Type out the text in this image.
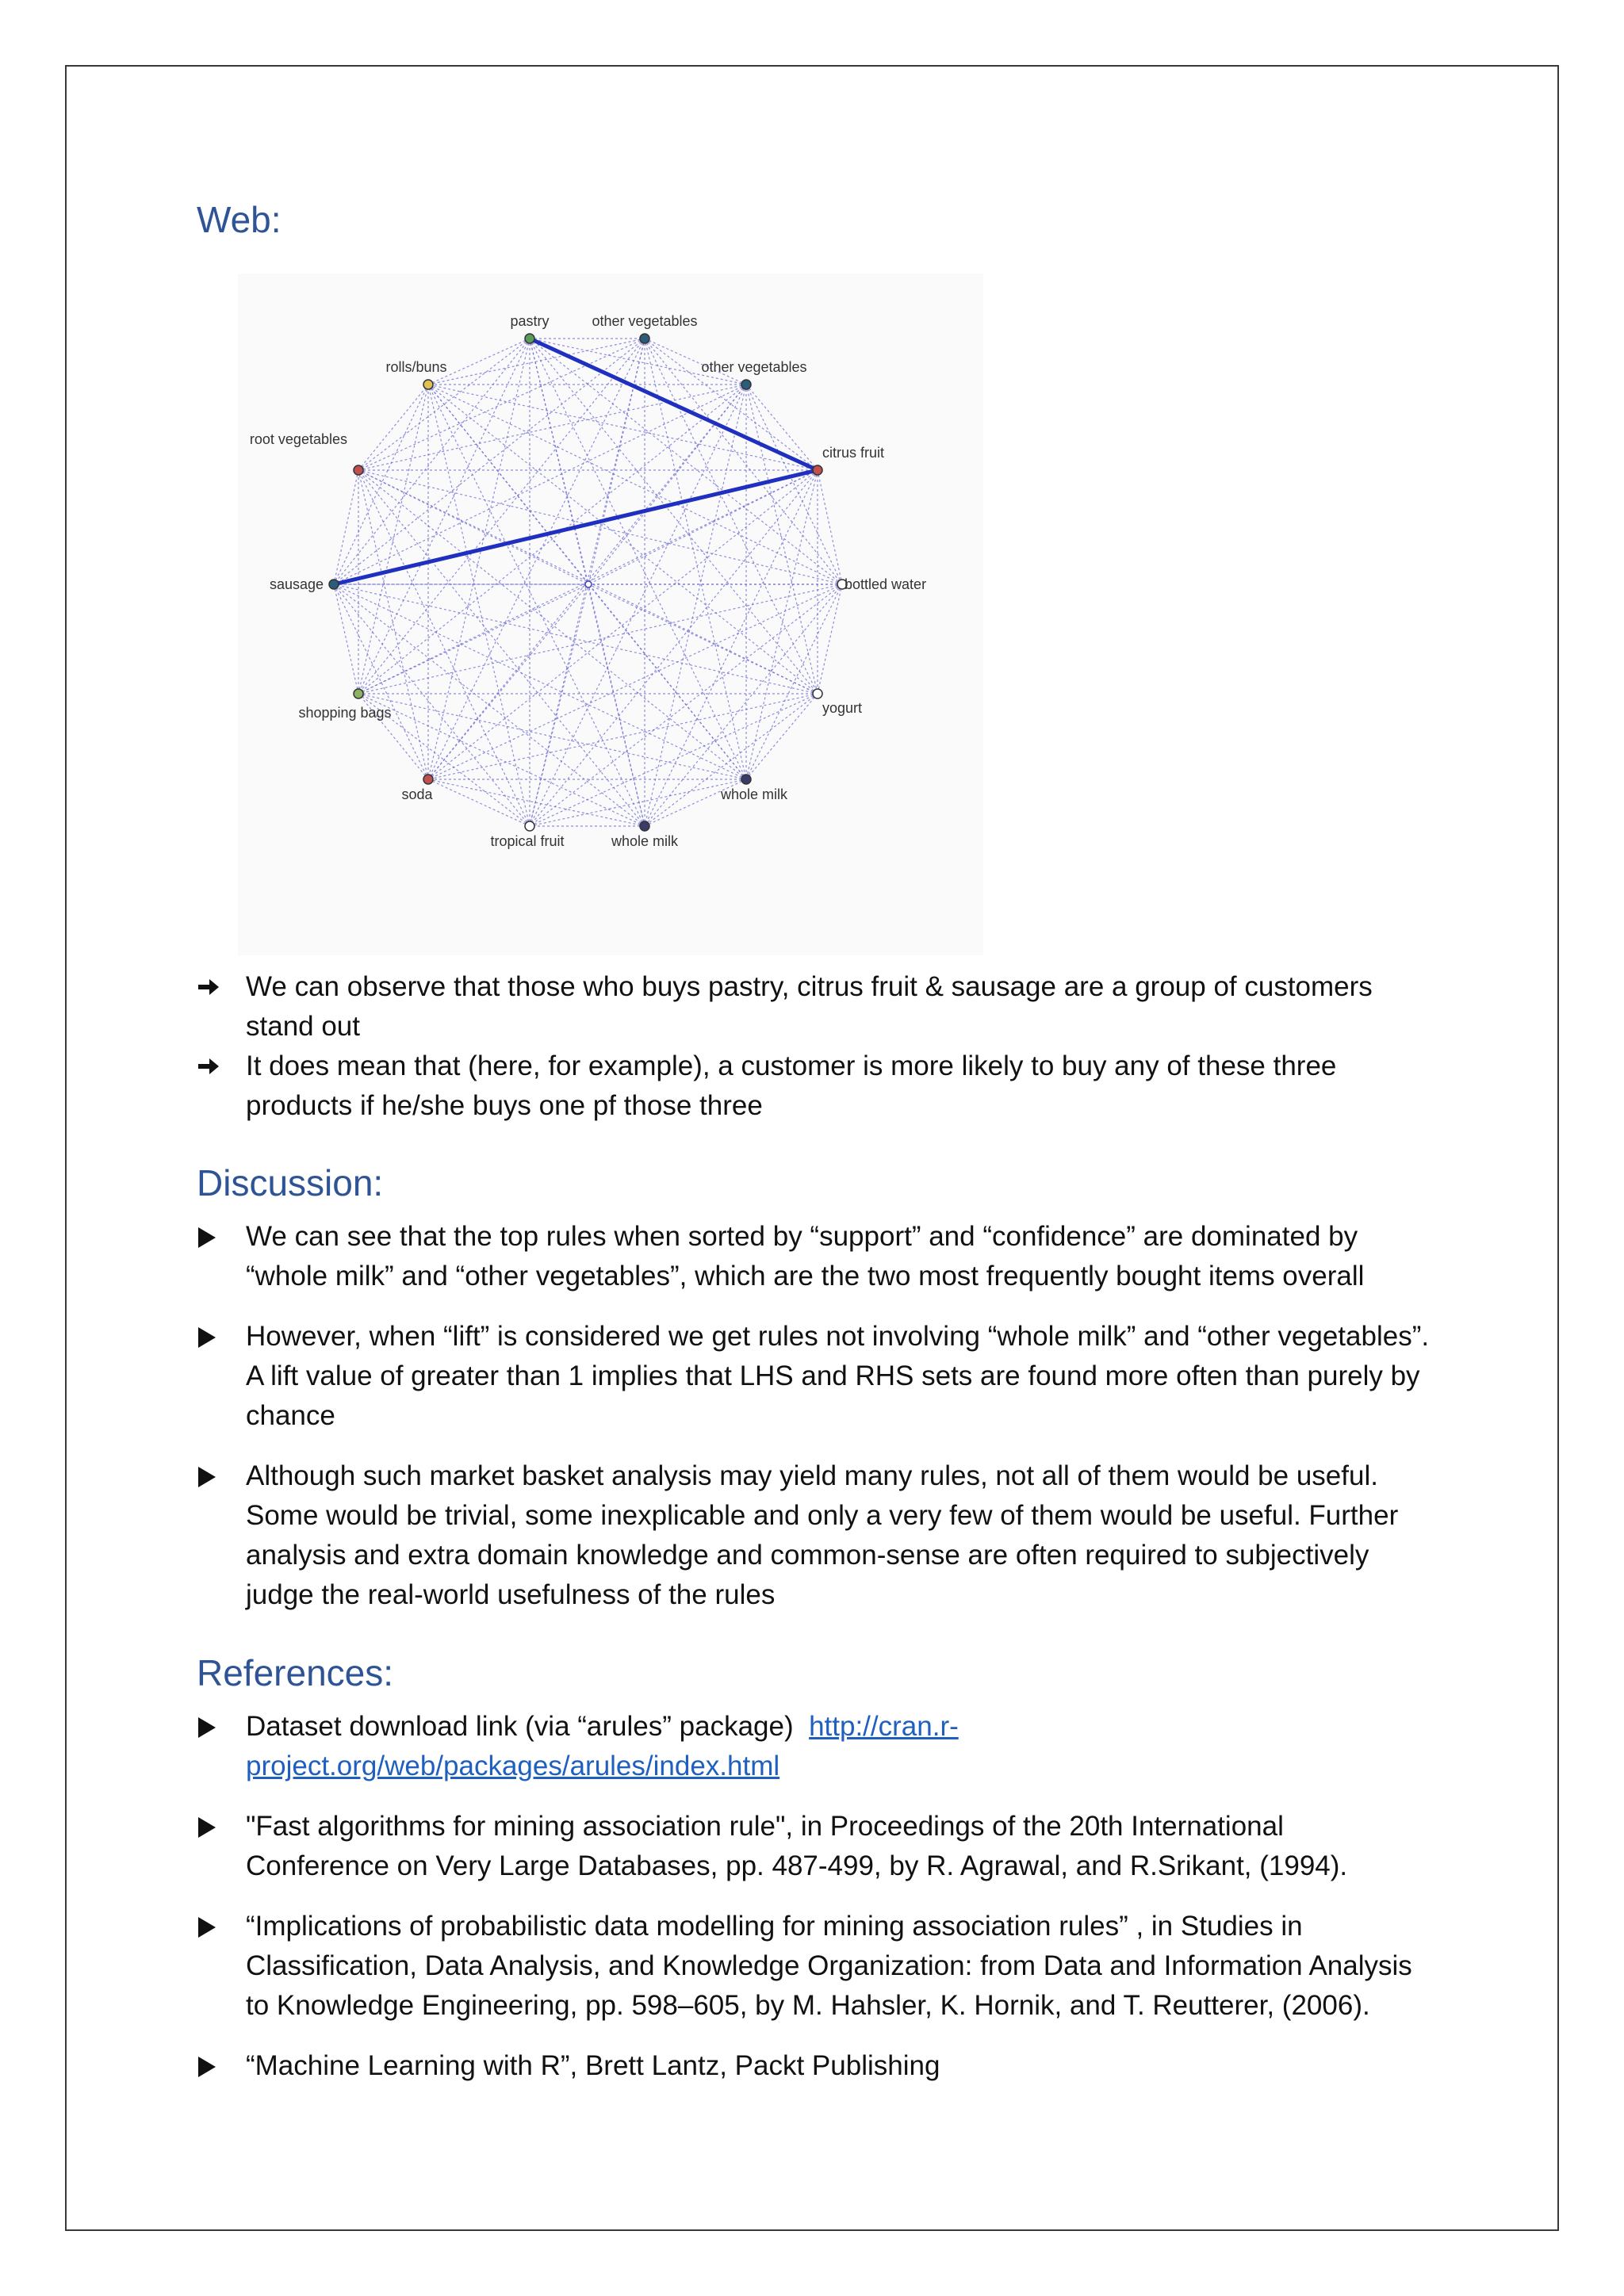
Web:
pastry	other vegetables
other vegetables
citrus fruit
bottled water
yogurt
whole milk
whole milk
tropical fruit
soda
shopping bags
sausage
root vegetables
rolls/buns
We can observe that those who buys pastry, citrus fruit & sausage are a group of customers stand out
It does mean that (here, for example), a customer is more likely to buy any of these three products if he/she buys one pf those three
Discussion:
We can see that the top rules when sorted by “support” and “confidence” are dominated by “whole milk” and “other vegetables”, which are the two most frequently bought items overall
However, when “lift” is considered we get rules not involving “whole milk” and “other vegetables”. A lift value of greater than 1 implies that LHS and RHS sets are found more often than purely by chance
Although such market basket analysis may yield many rules, not all of them would be useful. Some would be trivial, some inexplicable and only a very few of them would be useful. Further analysis and extra domain knowledge and common-sense are often required to subjectively judge the real-world usefulness of the rules
References:
Dataset download link (via “arules” package) http://cran.r-project.org/web/packages/arules/index.html
"Fast algorithms for mining association rule", in Proceedings of the 20th International Conference on Very Large Databases, pp. 487-499, by R. Agrawal, and R.Srikant, (1994).
“Implications of probabilistic data modelling for mining association rules” , in Studies in Classification, Data Analysis, and Knowledge Organization: from Data and Information Analysis to Knowledge Engineering, pp. 598–605, by M. Hahsler, K. Hornik, and T. Reutterer, (2006).
“Machine Learning with R”, Brett Lantz, Packt Publishing
